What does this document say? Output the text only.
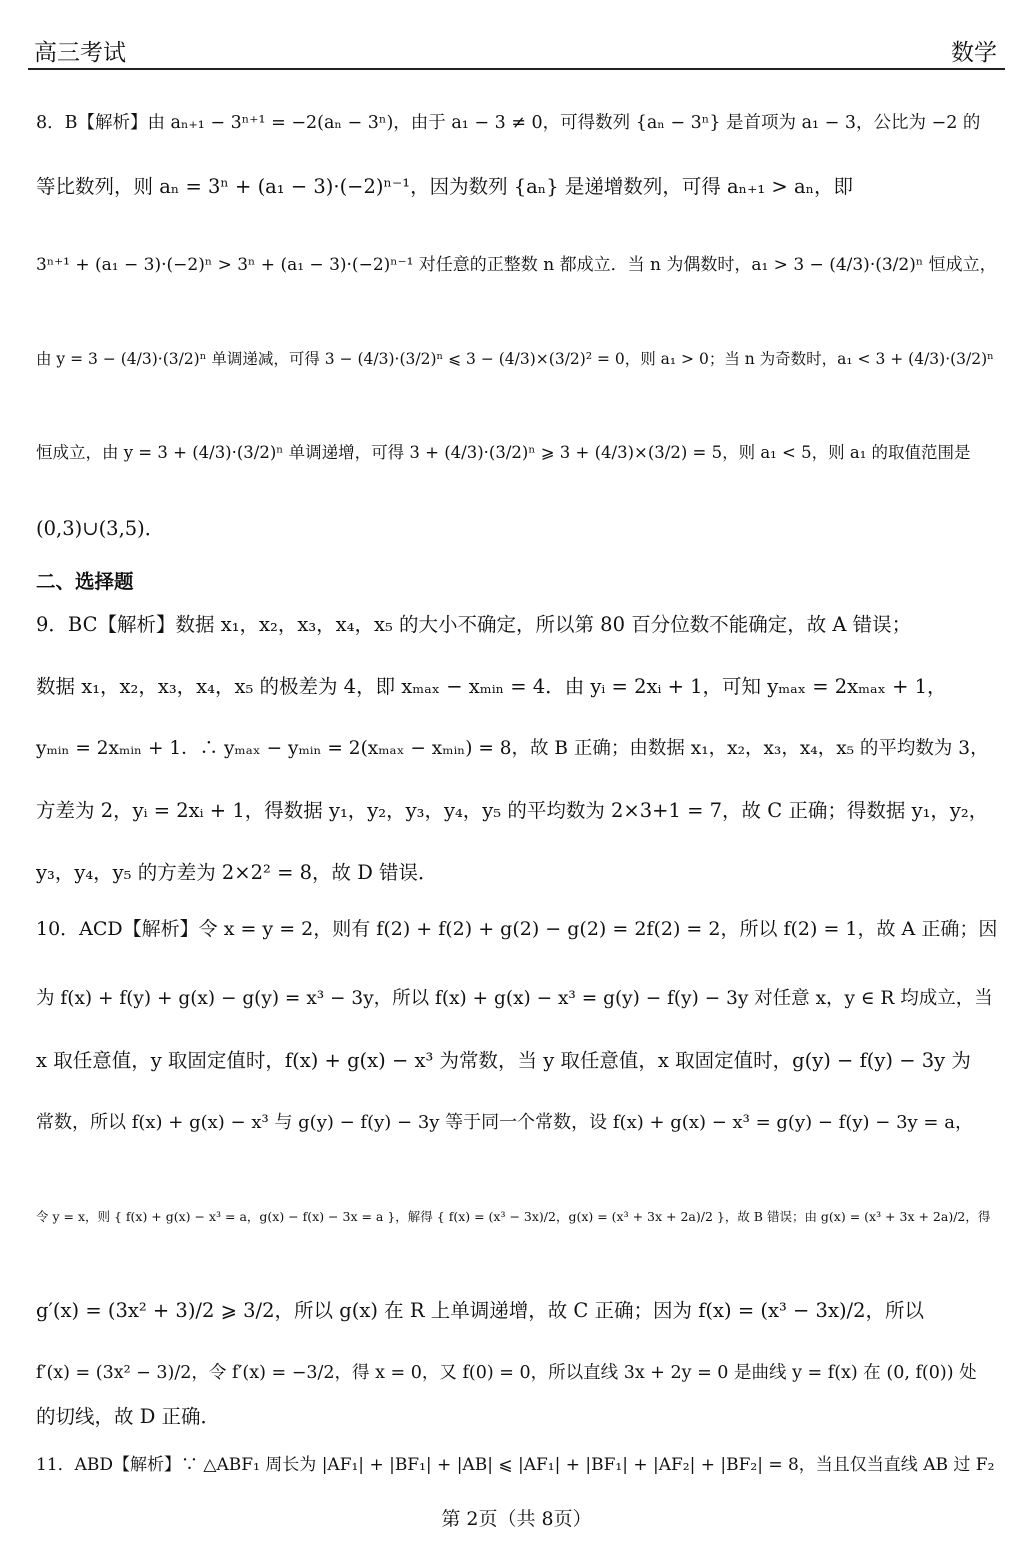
高三考试	数学
8．B【解析】由 aₙ₊₁ − 3ⁿ⁺¹ = −2(aₙ − 3ⁿ)，由于 a₁ − 3 ≠ 0，可得数列 {aₙ − 3ⁿ} 是首项为 a₁ − 3，公比为 −2 的
等比数列，则 aₙ = 3ⁿ + (a₁ − 3)·(−2)ⁿ⁻¹，因为数列 {aₙ} 是递增数列，可得 aₙ₊₁ > aₙ，即
3ⁿ⁺¹ + (a₁ − 3)·(−2)ⁿ > 3ⁿ + (a₁ − 3)·(−2)ⁿ⁻¹ 对任意的正整数 n 都成立．当 n 为偶数时，a₁ > 3 − (4/3)·(3/2)ⁿ 恒成立，
由 y = 3 − (4/3)·(3/2)ⁿ 单调递减，可得 3 − (4/3)·(3/2)ⁿ ⩽ 3 − (4/3)×(3/2)² = 0，则 a₁ > 0；当 n 为奇数时，a₁ < 3 + (4/3)·(3/2)ⁿ
恒成立，由 y = 3 + (4/3)·(3/2)ⁿ 单调递增，可得 3 + (4/3)·(3/2)ⁿ ⩾ 3 + (4/3)×(3/2) = 5，则 a₁ < 5，则 a₁ 的取值范围是
(0,3)∪(3,5)．
二、选择题
9．BC【解析】数据 x₁，x₂，x₃，x₄，x₅ 的大小不确定，所以第 80 百分位数不能确定，故 A 错误；
数据 x₁，x₂，x₃，x₄，x₅ 的极差为 4，即 xₘₐₓ − xₘᵢₙ = 4．由 yᵢ = 2xᵢ + 1，可知 yₘₐₓ = 2xₘₐₓ + 1，
yₘᵢₙ = 2xₘᵢₙ + 1．∴ yₘₐₓ − yₘᵢₙ = 2(xₘₐₓ − xₘᵢₙ) = 8，故 B 正确；由数据 x₁，x₂，x₃，x₄，x₅ 的平均数为 3，
方差为 2，yᵢ = 2xᵢ + 1，得数据 y₁，y₂，y₃，y₄，y₅ 的平均数为 2×3+1 = 7，故 C 正确；得数据 y₁，y₂，
y₃，y₄，y₅ 的方差为 2×2² = 8，故 D 错误．
10．ACD【解析】令 x = y = 2，则有 f(2) + f(2) + g(2) − g(2) = 2f(2) = 2，所以 f(2) = 1，故 A 正确；因
为 f(x) + f(y) + g(x) − g(y) = x³ − 3y，所以 f(x) + g(x) − x³ = g(y) − f(y) − 3y 对任意 x，y ∈ R 均成立，当
x 取任意值，y 取固定值时，f(x) + g(x) − x³ 为常数，当 y 取任意值，x 取固定值时，g(y) − f(y) − 3y 为
常数，所以 f(x) + g(x) − x³ 与 g(y) − f(y) − 3y 等于同一个常数，设 f(x) + g(x) − x³ = g(y) − f(y) − 3y = a，
令 y = x，则 { f(x) + g(x) − x³ = a，g(x) − f(x) − 3x = a }，解得 { f(x) = (x³ − 3x)/2，g(x) = (x³ + 3x + 2a)/2 }，故 B 错误；由 g(x) = (x³ + 3x + 2a)/2，得
g′(x) = (3x² + 3)/2 ⩾ 3/2，所以 g(x) 在 R 上单调递增，故 C 正确；因为 f(x) = (x³ − 3x)/2，所以
f′(x) = (3x² − 3)/2，令 f′(x) = −3/2，得 x = 0，又 f(0) = 0，所以直线 3x + 2y = 0 是曲线 y = f(x) 在 (0, f(0)) 处
的切线，故 D 正确．
11．ABD【解析】∵ △ABF₁ 周长为 |AF₁| + |BF₁| + |AB| ⩽ |AF₁| + |BF₁| + |AF₂| + |BF₂| = 8，当且仅当直线 AB 过 F₂
第 2页（共 8页）
